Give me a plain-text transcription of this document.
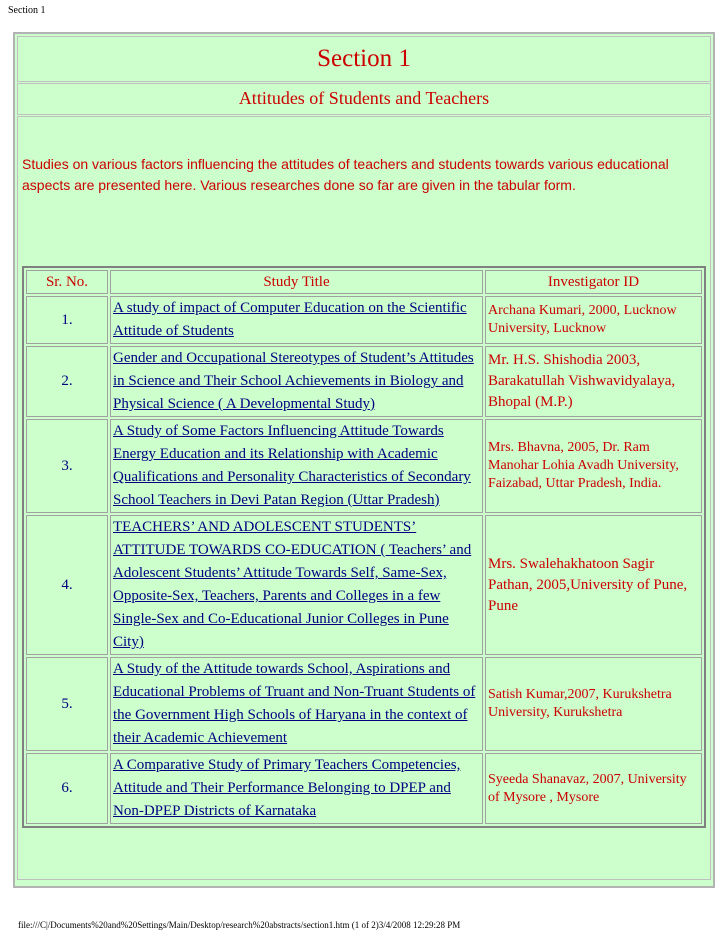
Section 1
Section 1
Attitudes of Students and Teachers
Studies on various factors influencing the attitudes of teachers and students towards various educational aspects are presented here. Various researches done so far are given in the tabular form.
Sr. No.	Study Title	Investigator ID
1.	A study of impact of Computer Education on the Scientific Attitude of Students	Archana Kumari, 2000, Lucknow University, Lucknow
2.	Gender and Occupational Stereotypes of Student’s Attitudes in Science and Their School Achievements in Biology and Physical Science ( A Developmental Study)	Mr. H.S. Shishodia 2003, Barakatullah Vishwavidyalaya, Bhopal (M.P.)
3.	A Study of Some Factors Influencing Attitude Towards Energy Education and its Relationship with Academic Qualifications and Personality Characteristics of Secondary School Teachers in Devi Patan Region (Uttar Pradesh)	Mrs. Bhavna, 2005, Dr. Ram Manohar Lohia Avadh University, Faizabad, Uttar Pradesh, India.
4.	TEACHERS’ AND ADOLESCENT STUDENTS’ ATTITUDE TOWARDS CO-EDUCATION ( Teachers’ and Adolescent Students’ Attitude Towards Self, Same-Sex, Opposite-Sex, Teachers, Parents and Colleges in a few Single-Sex and Co-Educational Junior Colleges in Pune City)	Mrs. Swalehakhatoon Sagir Pathan, 2005,University of Pune, Pune
5.	A Study of the Attitude towards School, Aspirations and Educational Problems of Truant and Non-Truant Students of the Government High Schools of Haryana in the context of their Academic Achievement	Satish Kumar,2007, Kurukshetra University, Kurukshetra
6.	A Comparative Study of Primary Teachers Competencies, Attitude and Their Performance Belonging to DPEP and Non-DPEP Districts of Karnataka	Syeeda Shanavaz, 2007, University of Mysore , Mysore
file:///C|/Documents%20and%20Settings/Main/Desktop/research%20abstracts/section1.htm (1 of 2)3/4/2008 12:29:28 PM
